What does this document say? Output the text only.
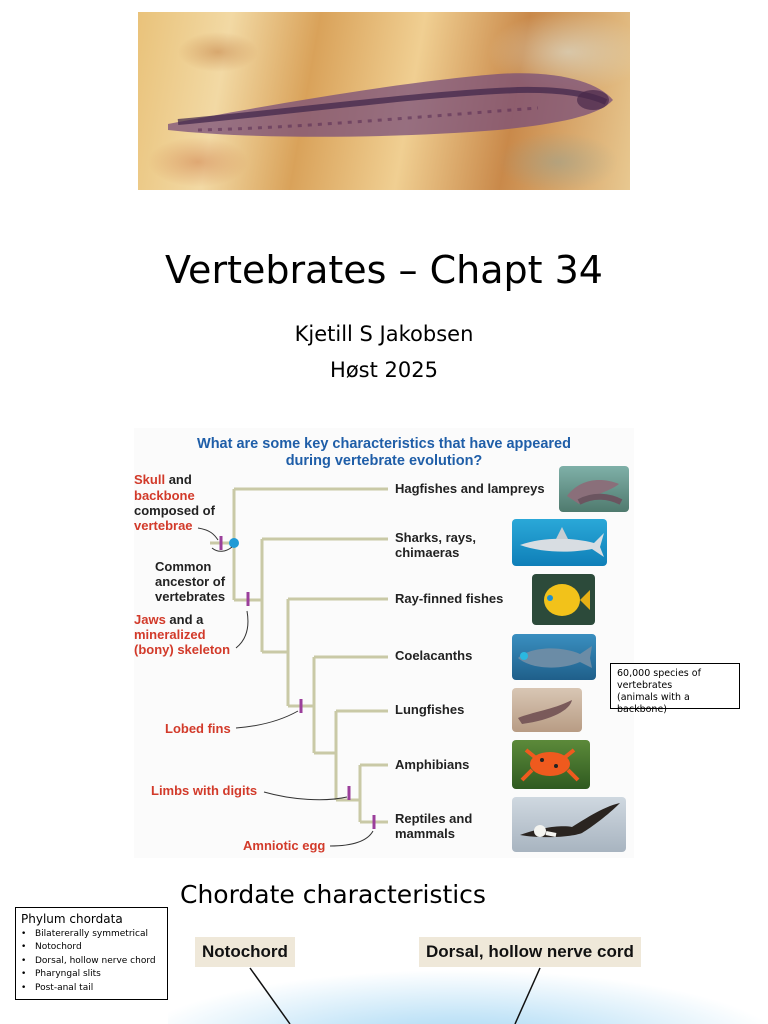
Vertebrates – Chapt 34
Kjetill S Jakobsen
Høst 2025
What are some key characteristics that have appeared
during vertebrate evolution?
Hagfishes and lampreys
Sharks, rays,
chimaeras
Ray-finned fishes
Coelacanths
Lungfishes
Amphibians
Reptiles and
mammals
Skull and
backbone
composed of
vertebrae
Common
ancestor of
vertebrates
Jaws and a
mineralized
(bony) skeleton
Lobed fins
Limbs with digits
Amniotic egg
60,000 species of
vertebrates
(animals with a backbone)
Chordate characteristics
Notochord	Dorsal, hollow nerve cord
Phylum chordata
• Bilatererally symmetrical
• Notochord
• Dorsal, hollow nerve chord
• Pharyngal slits
• Post-anal tail
